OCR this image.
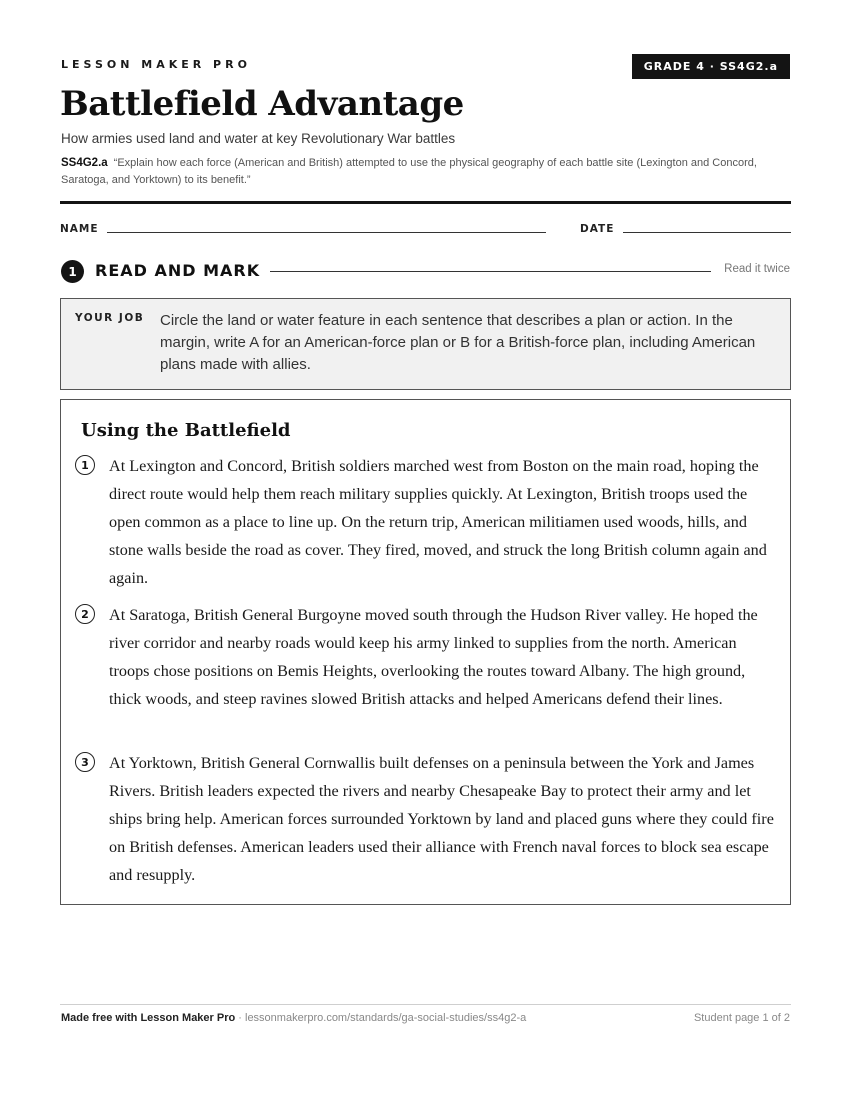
LESSON MAKER PRO	GRADE 4 · SS4G2.a
Battlefield Advantage
How armies used land and water at key Revolutionary War battles
SS4G2.a “Explain how each force (American and British) attempted to use the physical geography of each battle site (Lexington and Concord, Saratoga, and Yorktown) to its benefit.”
NAME	DATE
1	READ AND MARK	Read it twice
YOUR JOB Circle the land or water feature in each sentence that describes a plan or action. In the margin, write A for an American-force plan or B for a British-force plan, including American plans made with allies.
Using the Battlefield
1	At Lexington and Concord, British soldiers marched west from Boston on the main road, hoping the direct route would help them reach military supplies quickly. At Lexington, British troops used the open common as a place to line up. On the return trip, American militiamen used woods, hills, and stone walls beside the road as cover. They fired, moved, and struck the long British column again and again.

2	At Saratoga, British General Burgoyne moved south through the Hudson River valley. He hoped the river corridor and nearby roads would keep his army linked to supplies from the north. American troops chose positions on Bemis Heights, overlooking the routes toward Albany. The high ground, thick woods, and steep ravines slowed British attacks and helped Americans defend their lines.

3	At Yorktown, British General Cornwallis built defenses on a peninsula between the York and James Rivers. British leaders expected the rivers and nearby Chesapeake Bay to protect their army and let ships bring help. American forces surrounded Yorktown by land and placed guns where they could fire on British defenses. American leaders used their alliance with French naval forces to block sea escape and resupply.

Made free with Lesson Maker Pro · lessonmakerpro.com/standards/ga-social-studies/ss4g2-a	Student page 1 of 2
